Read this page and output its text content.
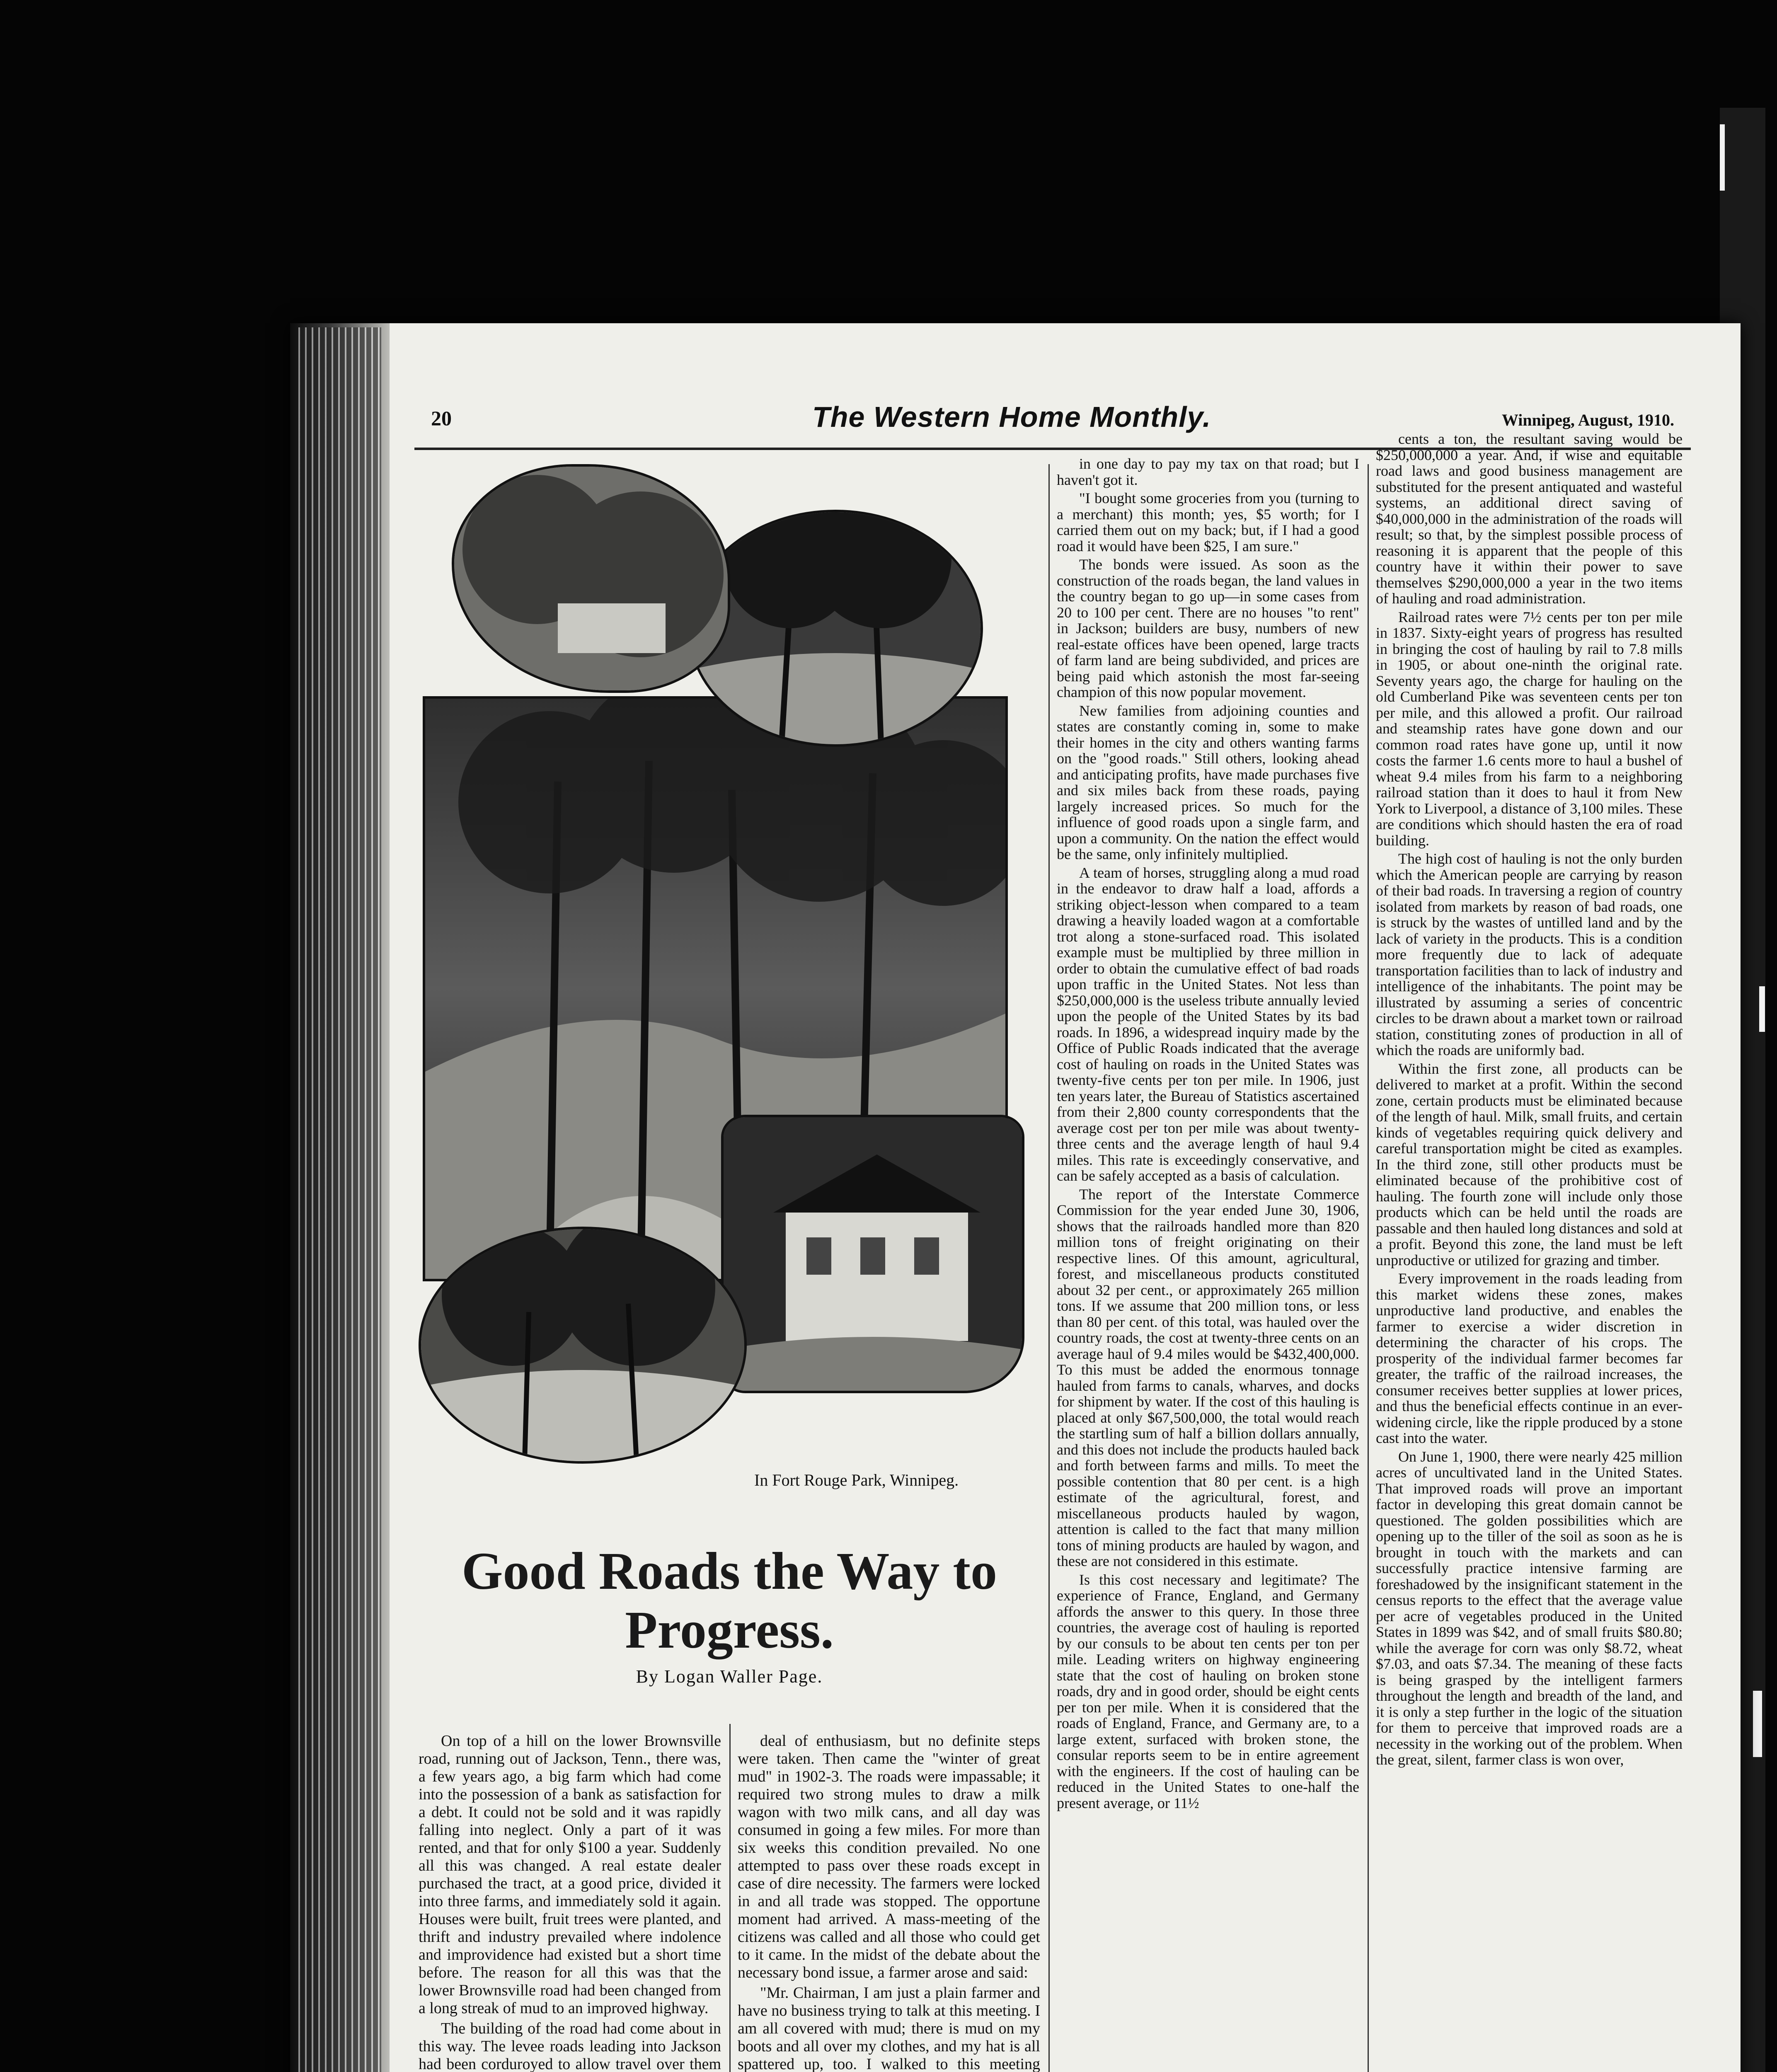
20	The Western Home Monthly.	Winnipeg, August, 1910.
In Fort Rouge Park, Winnipeg.
Good Roads the Way to Progress.
By Logan Waller Page.

On top of a hill on the lower Brownsville road, running out of Jackson, Tenn., there was, a few years ago, a big farm which had come into the possession of a bank as satisfaction for a debt. It could not be sold and it was rapidly falling into neglect. Only a part of it was rented, and that for only $100 a year. Suddenly all this was changed. A real estate dealer purchased the tract, at a good price, divided it into three farms, and immediately sold it again. Houses were built, fruit trees were planted, and thrift and industry prevailed where indolence and improvidence had existed but a short time before. The reason for all this was that the lower Brownsville road had been changed from a long streak of mud to an improved highway.

The building of the road had come about in this way. The levee roads leading into Jackson had been corduroyed to allow travel over them

deal of enthusiasm, but no definite steps were taken. Then came the "winter of great mud" in 1902-3. The roads were impassable; it required two strong mules to draw a milk wagon with two milk cans, and all day was consumed in going a few miles. For more than six weeks this condition prevailed. No one attempted to pass over these roads except in case of dire necessity. The farmers were locked in and all trade was stopped. The opportune moment had arrived. A mass-meeting of the citizens was called and all those who could get to it came. In the midst of the debate about the necessary bond issue, a farmer arose and said:

"Mr. Chairman, I am just a plain farmer and have no business trying to talk at this meeting. I am all covered with mud; there is mud on my boots and all over my clothes, and my hat is all spattered up, too. I walked to this meeting

in one day to pay my tax on that road; but I haven't got it.

"I bought some groceries from you (turning to a merchant) this month; yes, $5 worth; for I carried them out on my back; but, if I had a good road it would have been $25, I am sure."

The bonds were issued. As soon as the construction of the roads began, the land values in the country began to go up—in some cases from 20 to 100 per cent. There are no houses "to rent" in Jackson; builders are busy, numbers of new real-estate offices have been opened, large tracts of farm land are being subdivided, and prices are being paid which astonish the most far-seeing champion of this now popular movement.

New families from adjoining counties and states are constantly coming in, some to make their homes in the city and others wanting farms on the "good roads." Still others, looking ahead and anticipating profits, have made purchases five and six miles back from these roads, paying largely increased prices. So much for the influence of good roads upon a single farm, and upon a community. On the nation the effect would be the same, only infinitely multiplied.

A team of horses, struggling along a mud road in the endeavor to draw half a load, affords a striking object-lesson when compared to a team drawing a heavily loaded wagon at a comfortable trot along a stone-surfaced road. This isolated example must be multiplied by three million in order to obtain the cumulative effect of bad roads upon traffic in the United States. Not less than $250,000,000 is the useless tribute annually levied upon the people of the United States by its bad roads. In 1896, a widespread inquiry made by the Office of Public Roads indicated that the average cost of hauling on roads in the United States was twenty-five cents per ton per mile. In 1906, just ten years later, the Bureau of Statistics ascertained from their 2,800 county correspondents that the average cost per ton per mile was about twenty-three cents and the average length of haul 9.4 miles. This rate is exceedingly conservative, and can be safely accepted as a basis of calculation.

The report of the Interstate Commerce Commission for the year ended June 30, 1906, shows that the railroads handled more than 820 million tons of freight originating on their respective lines. Of this amount, agricultural, forest, and miscellaneous products constituted about 32 per cent., or approximately 265 million tons. If we assume that 200 million tons, or less than 80 per cent. of this total, was hauled over the country roads, the cost at twenty-three cents on an average haul of 9.4 miles would be $432,400,000. To this must be added the enormous tonnage hauled from farms to canals, wharves, and docks for shipment by water. If the cost of this hauling is placed at only $67,500,000, the total would reach the startling sum of half a billion dollars annually, and this does not include the products hauled back and forth between farms and mills. To meet the possible contention that 80 per cent. is a high estimate of the agricultural, forest, and miscellaneous products hauled by wagon, attention is called to the fact that many million tons of mining products are hauled by wagon, and these are not considered in this estimate.

Is this cost necessary and legitimate? The experience of France, England, and Germany affords the answer to this query. In those three countries, the average cost of hauling is reported by our consuls to be about ten cents per ton per mile. Leading writers on highway engineering state that the cost of hauling on broken stone roads, dry and in good order, should be eight cents per ton per mile. When it is considered that the roads of England, France, and Germany are, to a large extent, surfaced with broken stone, the consular reports seem to be in entire agreement with the engineers. If the cost of hauling can be reduced in the United States to one-half the present average, or 11½

cents a ton, the resultant saving would be $250,000,000 a year. And, if wise and equitable road laws and good business management are substituted for the present antiquated and wasteful systems, an additional direct saving of $40,000,000 in the administration of the roads will result; so that, by the simplest possible process of reasoning it is apparent that the people of this country have it within their power to save themselves $290,000,000 a year in the two items of hauling and road administration.

Railroad rates were 7½ cents per ton per mile in 1837. Sixty-eight years of progress has resulted in bringing the cost of hauling by rail to 7.8 mills in 1905, or about one-ninth the original rate. Seventy years ago, the charge for hauling on the old Cumberland Pike was seventeen cents per ton per mile, and this allowed a profit. Our railroad and steamship rates have gone down and our common road rates have gone up, until it now costs the farmer 1.6 cents more to haul a bushel of wheat 9.4 miles from his farm to a neighboring railroad station than it does to haul it from New York to Liverpool, a distance of 3,100 miles. These are conditions which should hasten the era of road building.

The high cost of hauling is not the only burden which the American people are carrying by reason of their bad roads. In traversing a region of country isolated from markets by reason of bad roads, one is struck by the wastes of untilled land and by the lack of variety in the products. This is a condition more frequently due to lack of adequate transportation facilities than to lack of industry and intelligence of the inhabitants. The point may be illustrated by assuming a series of concentric circles to be drawn about a market town or railroad station, constituting zones of production in all of which the roads are uniformly bad.

Within the first zone, all products can be delivered to market at a profit. Within the second zone, certain products must be eliminated because of the length of haul. Milk, small fruits, and certain kinds of vegetables requiring quick delivery and careful transportation might be cited as examples. In the third zone, still other products must be eliminated because of the prohibitive cost of hauling. The fourth zone will include only those products which can be held until the roads are passable and then hauled long distances and sold at a profit. Beyond this zone, the land must be left unproductive or utilized for grazing and timber.

Every improvement in the roads leading from this market widens these zones, makes unproductive land productive, and enables the farmer to exercise a wider discretion in determining the character of his crops. The prosperity of the individual farmer becomes far greater, the traffic of the railroad increases, the consumer receives better supplies at lower prices, and thus the beneficial effects continue in an ever-widening circle, like the ripple produced by a stone cast into the water.

On June 1, 1900, there were nearly 425 million acres of uncultivated land in the United States. That improved roads will prove an important factor in developing this great domain cannot be questioned. The golden possibilities which are opening up to the tiller of the soil as soon as he is brought in touch with the markets and can successfully practice intensive farming are foreshadowed by the insignificant statement in the census reports to the effect that the average value per acre of vegetables produced in the United States in 1899 was $42, and of small fruits $80.80; while the average for corn was only $8.72, wheat $7.03, and oats $7.34. The meaning of these facts is being grasped by the intelligent farmers throughout the length and breadth of the land, and it is only a step further in the logic of the situation for them to perceive that improved roads are a necessity in the working out of the problem. When the great, silent, farmer class is won over,
